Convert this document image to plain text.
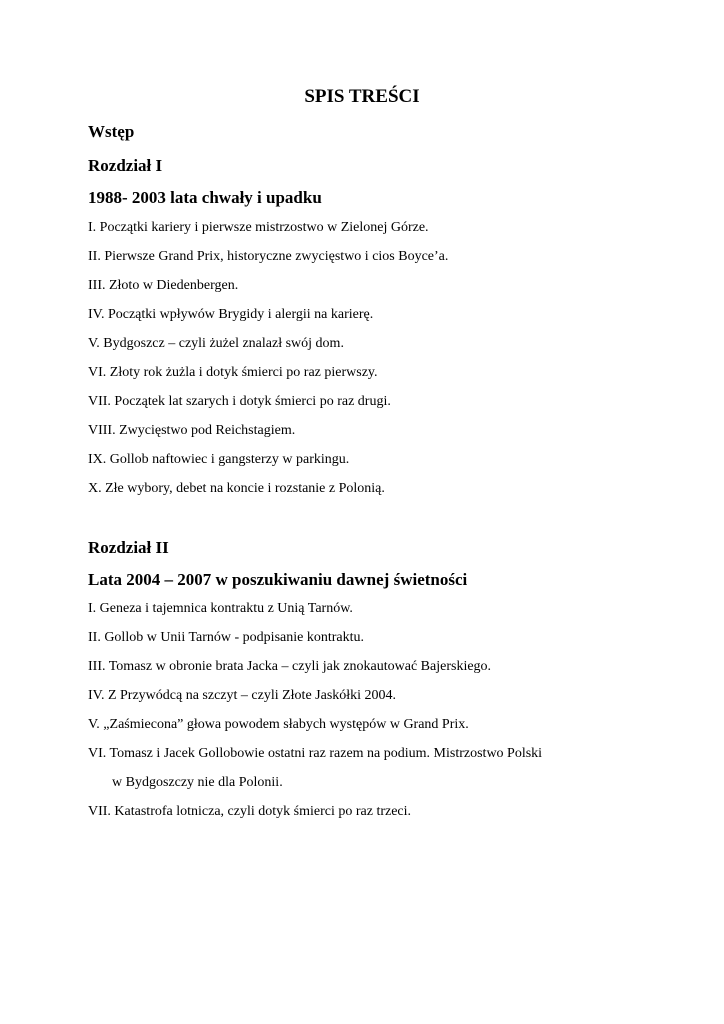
SPIS TREŚCI

Wstęp

Rozdział I

1988- 2003 lata chwały i upadku

I. Początki kariery i pierwsze mistrzostwo w Zielonej Górze.

II. Pierwsze Grand Prix, historyczne zwycięstwo i cios Boyce’a.

III. Złoto w Diedenbergen.

IV. Początki wpływów Brygidy i alergii na karierę.

V. Bydgoszcz – czyli żużel znalazł swój dom.

VI. Złoty rok żużla i dotyk śmierci po raz pierwszy.

VII. Początek lat szarych i dotyk śmierci po raz drugi.

VIII. Zwycięstwo pod Reichstagiem.

IX. Gollob naftowiec i gangsterzy w parkingu.

X. Złe wybory, debet na koncie i rozstanie z Polonią.

Rozdział II

Lata 2004 – 2007 w poszukiwaniu dawnej świetności

I. Geneza i tajemnica kontraktu z Unią Tarnów.

II. Gollob w Unii Tarnów - podpisanie kontraktu.

III. Tomasz w obronie brata Jacka – czyli jak znokautować Bajerskiego.

IV. Z Przywódcą na szczyt – czyli Złote Jaskółki 2004.

V. „Zaśmiecona” głowa powodem słabych występów w Grand Prix.

VI. Tomasz i Jacek Gollobowie ostatni raz razem na podium. Mistrzostwo Polski

w Bydgoszczy nie dla Polonii.

VII. Katastrofa lotnicza, czyli dotyk śmierci po raz trzeci.
